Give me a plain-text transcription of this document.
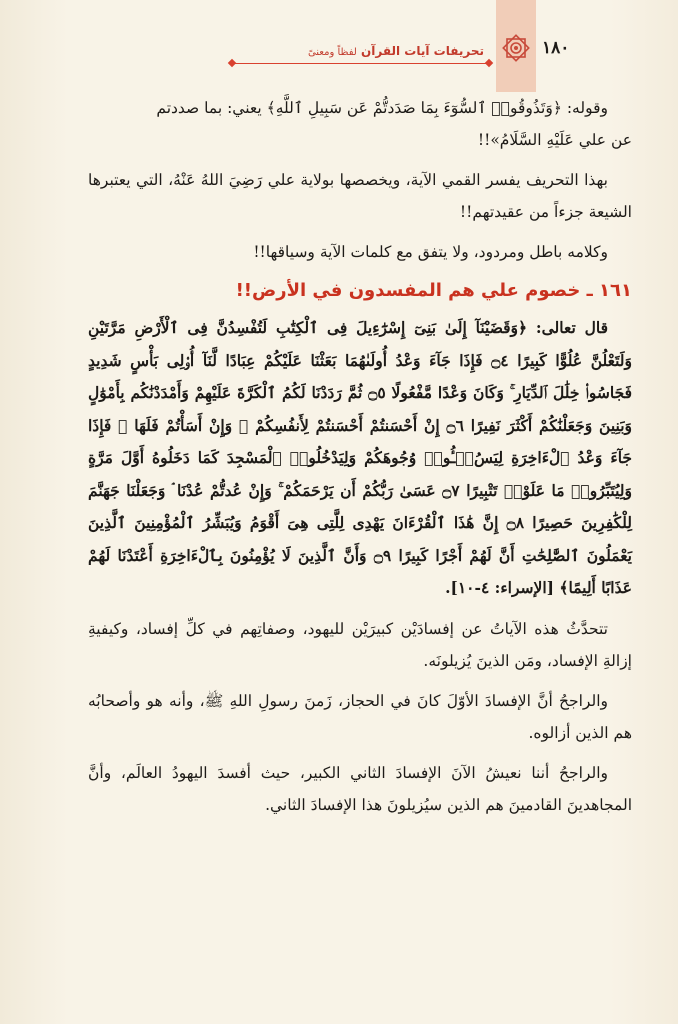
١٨٠
تحريفات آيات القرآن لفظاً ومعنىً

وقوله: ﴿وَتَذُوقُوا۟ ٱلسُّوٓءَ بِمَا صَدَدتُّمْ عَن سَبِيلِ ٱللَّهِ﴾ يعني: بما صددتم

عن علي عَلَيْهِ السَّلَامُ»!!

بهذا التحريف يفسر القمي الآية، ويخصصها بولاية علي رَضِيَ اللهُ عَنْهُ، التي يعتبرها الشيعة جزءاً من عقيدتهم!!

وكلامه باطل ومردود، ولا يتفق مع كلمات الآية وسياقها!!

١٦١ ـ خصوم علي هم المفسدون في الأرض!!

قال تعالى: ﴿وَقَضَيْنَآ إِلَىٰ بَنِىٓ إِسْرَٰٓءِيلَ فِى ٱلْكِتَٰبِ لَتُفْسِدُنَّ فِى ٱلْأَرْضِ مَرَّتَيْنِ وَلَتَعْلُنَّ عُلُوًّا كَبِيرًا ۝٤ فَإِذَا جَآءَ وَعْدُ أُولَىٰهُمَا بَعَثْنَا عَلَيْكُمْ عِبَادًا لَّنَآ أُو۟لِى بَأْسٍ شَدِيدٍ فَجَاسُوا۟ خِلَٰلَ ٱلدِّيَارِ ۚ وَكَانَ وَعْدًا مَّفْعُولًا ۝٥ ثُمَّ رَدَدْنَا لَكُمُ ٱلْكَرَّةَ عَلَيْهِمْ وَأَمْدَدْنَٰكُم بِأَمْوَٰلٍ وَبَنِينَ وَجَعَلْنَٰكُمْ أَكْثَرَ نَفِيرًا ۝٦ إِنْ أَحْسَنتُمْ أَحْسَنتُمْ لِأَنفُسِكُمْ ۖ وَإِنْ أَسَأْتُمْ فَلَهَا ۚ فَإِذَا جَآءَ وَعْدُ ٱلْءَاخِرَةِ لِيَسُۥٓـُٔوا۟ وُجُوهَكُمْ وَلِيَدْخُلُوا۟ ٱلْمَسْجِدَ كَمَا دَخَلُوهُ أَوَّلَ مَرَّةٍ وَلِيُتَبِّرُوا۟ مَا عَلَوْا۟ تَتْبِيرًا ۝٧ عَسَىٰ رَبُّكُمْ أَن يَرْحَمَكُمْ ۚ وَإِنْ عُدتُّمْ عُدْنَا ۘ وَجَعَلْنَا جَهَنَّمَ لِلْكَٰفِرِينَ حَصِيرًا ۝٨ إِنَّ هَٰذَا ٱلْقُرْءَانَ يَهْدِى لِلَّتِى هِىَ أَقْوَمُ وَيُبَشِّرُ ٱلْمُؤْمِنِينَ ٱلَّذِينَ يَعْمَلُونَ ٱلصَّٰلِحَٰتِ أَنَّ لَهُمْ أَجْرًا كَبِيرًا ۝٩ وَأَنَّ ٱلَّذِينَ لَا يُؤْمِنُونَ بِٱلْءَاخِرَةِ أَعْتَدْنَا لَهُمْ عَذَابًا أَلِيمًا﴾ [الإسراء: ٤-١٠].

تتحدَّثُ هذه الآياتُ عن إفسادَيْن كبيرَيْن لليهود، وصفاتِهم في كلِّ إفساد، وكيفيةِ إزالةِ الإفساد، ومَن الذينَ يُزيلونَه.

والراجحُ أنَّ الإفسادَ الأوّلَ كانَ في الحجاز، زَمنَ رسولِ اللهِ ﷺ، وأنه هو وأصحابُه هم الذين أزالوه.

والراجحُ أننا نعيشُ الآنَ الإفسادَ الثاني الكبير، حيث أفسدَ اليهودُ العالَم، وأنَّ المجاهدينَ القادمينَ هم الذين سيُزيلونَ هذا الإفسادَ الثاني.
